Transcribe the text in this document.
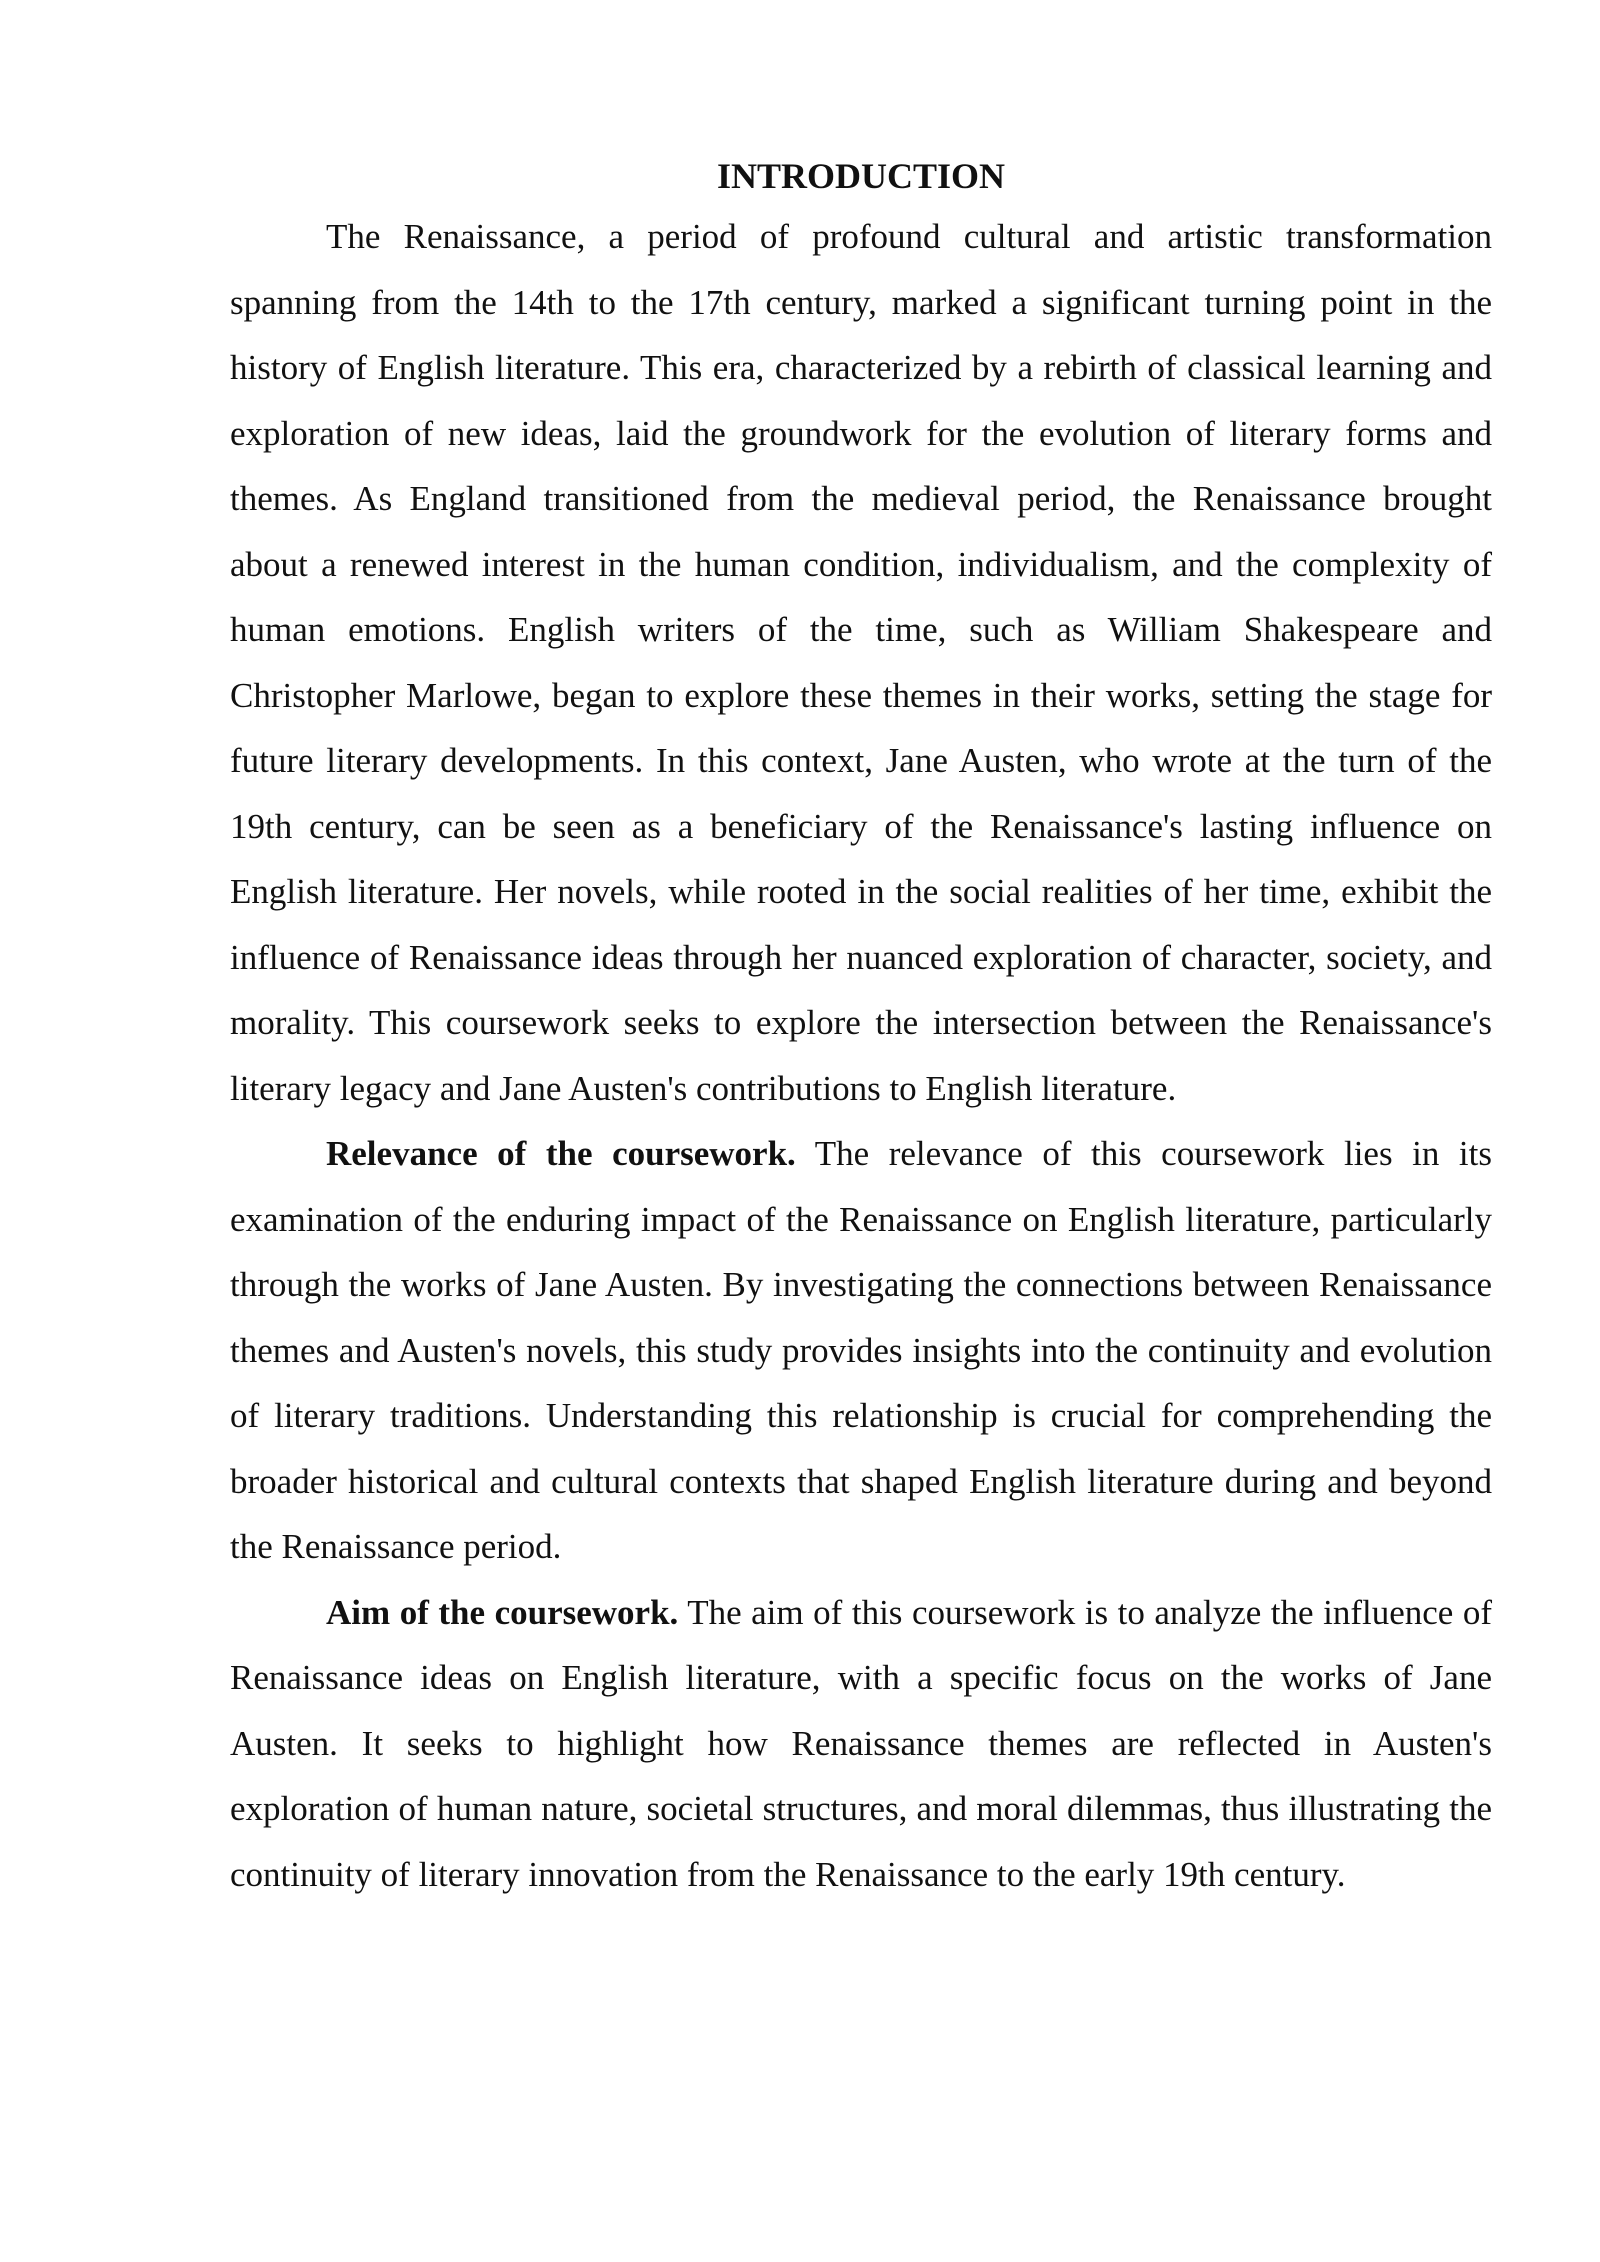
INTRODUCTION

The Renaissance, a period of profound cultural and artistic transformation spanning from the 14th to the 17th century, marked a significant turning point in the history of English literature. This era, characterized by a rebirth of classical learning and exploration of new ideas, laid the groundwork for the evolution of literary forms and themes. As England transitioned from the medieval period, the Renaissance brought about a renewed interest in the human condition, individualism, and the complexity of human emotions. English writers of the time, such as William Shakespeare and Christopher Marlowe, began to explore these themes in their works, setting the stage for future literary developments. In this context, Jane Austen, who wrote at the turn of the 19th century, can be seen as a beneficiary of the Renaissance's lasting influence on English literature. Her novels, while rooted in the social realities of her time, exhibit the influence of Renaissance ideas through her nuanced exploration of character, society, and morality. This coursework seeks to explore the intersection between the Renaissance's literary legacy and Jane Austen's contributions to English literature.

Relevance of the coursework. The relevance of this coursework lies in its examination of the enduring impact of the Renaissance on English literature, particularly through the works of Jane Austen. By investigating the connections between Renaissance themes and Austen's novels, this study provides insights into the continuity and evolution of literary traditions. Understanding this relationship is crucial for comprehending the broader historical and cultural contexts that shaped English literature during and beyond the Renaissance period.

Aim of the coursework. The aim of this coursework is to analyze the influence of Renaissance ideas on English literature, with a specific focus on the works of Jane Austen. It seeks to highlight how Renaissance themes are reflected in Austen's exploration of human nature, societal structures, and moral dilemmas, thus illustrating the continuity of literary innovation from the Renaissance to the early 19th century.
